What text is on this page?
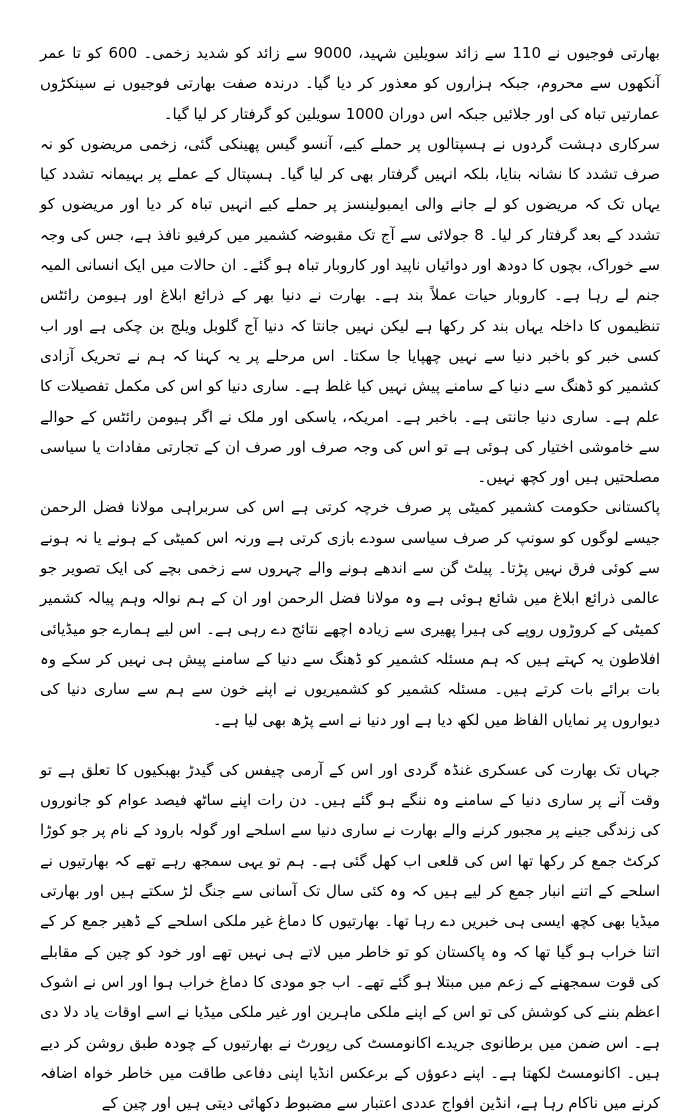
بھارتی فوجیوں نے 110 سے زائد سویلین شہید، 9000 سے زائد کو شدید زخمی۔ 600 کو تا عمر آنکھوں سے محروم، جبکہ ہزاروں کو معذور کر دیا گیا۔ درندہ صفت بھارتی فوجیوں نے سینکڑوں عمارتیں تباہ کی اور جلائیں جبکہ اس دوران 1000 سویلین کو گرفتار کر لیا گیا۔

سرکاری دہشت گردوں نے ہسپتالوں پر حملے کیے، آنسو گیس پھینکی گئی، زخمی مریضوں کو نہ صرف تشدد کا نشانہ بنایا، بلکہ انہیں گرفتار بھی کر لیا گیا۔ ہسپتال کے عملے پر بہیمانہ تشدد کیا یہاں تک کہ مریضوں کو لے جانے والی ایمبولینسز پر حملے کیے انہیں تباہ کر دیا اور مریضوں کو تشدد کے بعد گرفتار کر لیا۔ 8 جولائی سے آج تک مقبوضہ کشمیر میں کرفیو نافذ ہے، جس کی وجہ سے خوراک، بچوں کا دودھ اور دوائیاں ناپید اور کاروبار تباہ ہو گئے۔ ان حالات میں ایک انسانی المیہ جنم لے رہا ہے۔ کاروبار حیات عملاً بند ہے۔ بھارت نے دنیا بھر کے ذرائع ابلاغ اور ہیومن رائٹس تنظیموں کا داخلہ یہاں بند کر رکھا ہے لیکن نہیں جانتا کہ دنیا آج گلوبل ویلج بن چکی ہے اور اب کسی خبر کو باخبر دنیا سے نہیں چھپایا جا سکتا۔ اس مرحلے پر یہ کہنا کہ ہم نے تحریک آزادی کشمیر کو ڈھنگ سے دنیا کے سامنے پیش نہیں کیا غلط ہے۔ ساری دنیا کو اس کی مکمل تفصیلات کا علم ہے۔ ساری دنیا جانتی ہے۔ باخبر ہے۔ امریکہ، یاسکی اور ملک نے اگر ہیومن رائٹس کے حوالے سے خاموشی اختیار کی ہوئی ہے تو اس کی وجہ صرف اور صرف ان کے تجارتی مفادات یا سیاسی مصلحتیں ہیں اور کچھ نہیں۔

پاکستانی حکومت کشمیر کمیٹی پر صرف خرچہ کرتی ہے اس کی سربراہی مولانا فضل الرحمن جیسے لوگوں کو سونپ کر صرف سیاسی سودے بازی کرتی ہے ورنہ اس کمیٹی کے ہونے یا نہ ہونے سے کوئی فرق نہیں پڑتا۔ پیلٹ گن سے اندھے ہونے والے چہروں سے زخمی بچے کی ایک تصویر جو عالمی ذرائع ابلاغ میں شائع ہوئی ہے وہ مولانا فضل الرحمن اور ان کے ہم نوالہ وہم پیالہ کشمیر کمیٹی کے کروڑوں روپے کی ہیرا پھیری سے زیادہ اچھے نتائج دے رہی ہے۔ اس لیے ہمارے جو میڈیائی افلاطون یہ کہتے ہیں کہ ہم مسئلہ کشمیر کو ڈھنگ سے دنیا کے سامنے پیش ہی نہیں کر سکے وہ بات برائے بات کرتے ہیں۔ مسئلہ کشمیر کو کشمیریوں نے اپنے خون سے ہم سے ساری دنیا کی دیواروں پر نمایاں الفاظ میں لکھ دیا ہے اور دنیا نے اسے پڑھ بھی لیا ہے۔

جہاں تک بھارت کی عسکری غنڈہ گردی اور اس کے آرمی چیفس کی گیدڑ بھبکیوں کا تعلق ہے تو وقت آنے پر ساری دنیا کے سامنے وہ ننگے ہو گئے ہیں۔ دن رات اپنے ساٹھ فیصد عوام کو جانوروں کی زندگی جینے پر مجبور کرنے والے بھارت نے ساری دنیا سے اسلحے اور گولہ بارود کے نام پر جو کوڑا کرکٹ جمع کر رکھا تھا اس کی قلعی اب کھل گئی ہے۔ ہم تو یہی سمجھ رہے تھے کہ بھارتیوں نے اسلحے کے اتنے انبار جمع کر لیے ہیں کہ وہ کئی سال تک آسانی سے جنگ لڑ سکتے ہیں اور بھارتی میڈیا بھی کچھ ایسی ہی خبریں دے رہا تھا۔ بھارتیوں کا دماغ غیر ملکی اسلحے کے ڈھیر جمع کر کے اتنا خراب ہو گیا تھا کہ وہ پاکستان کو تو خاطر میں لاتے ہی نہیں تھے اور خود کو چین کے مقابلے کی قوت سمجھنے کے زعم میں مبتلا ہو گئے تھے۔ اب جو مودی کا دماغ خراب ہوا اور اس نے اشوک اعظم بننے کی کوشش کی تو اس کے اپنے ملکی ماہرین اور غیر ملکی میڈیا نے اسے اوقات یاد دلا دی ہے۔ اس ضمن میں برطانوی جریدے اکانومسٹ کی رپورٹ نے بھارتیوں کے چودہ طبق روشن کر دیے ہیں۔ اکانومسٹ لکھتا ہے۔ اپنے دعوؤں کے برعکس انڈیا اپنی دفاعی طاقت میں خاطر خواہ اضافہ کرنے میں ناکام رہا ہے، انڈین افواج عددی اعتبار سے مضبوط دکھائی دیتی ہیں اور چین کے
